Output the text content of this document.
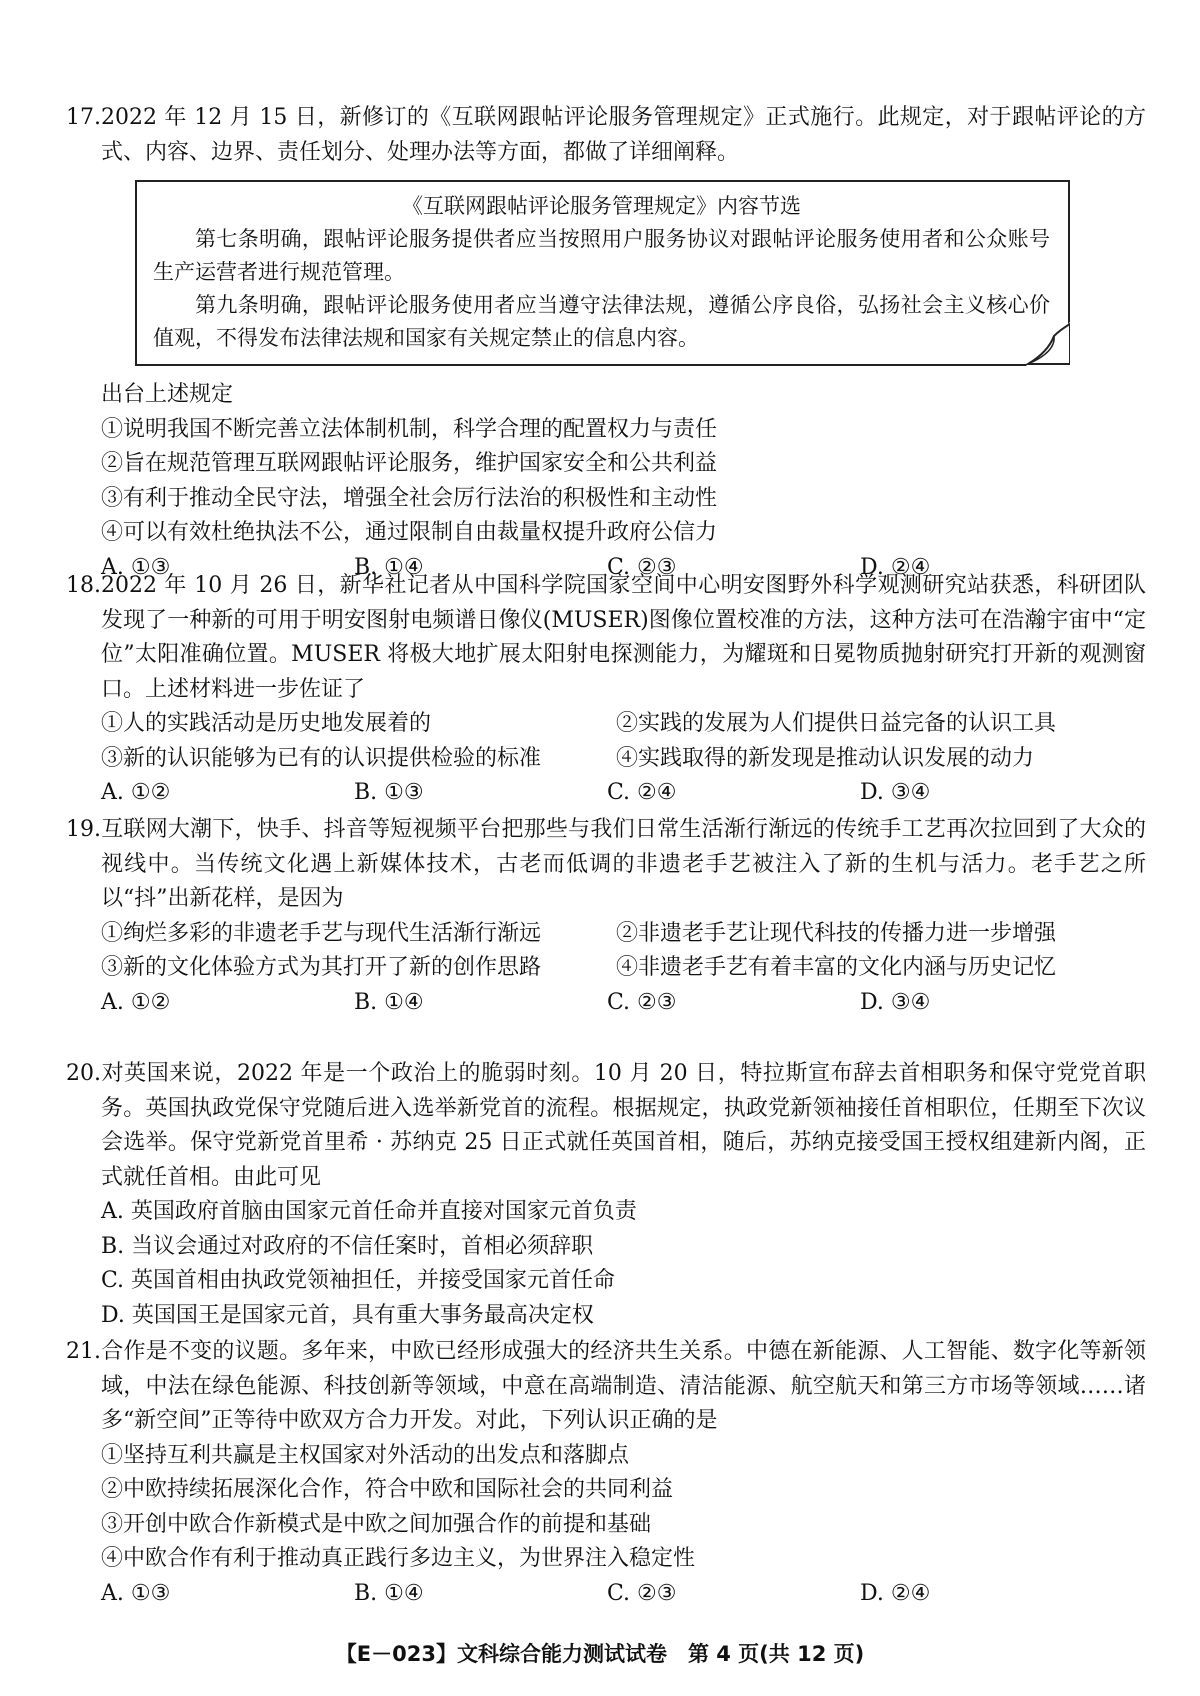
17.2022 年 12 月 15 日，新修订的《互联网跟帖评论服务管理规定》正式施行。此规定，对于跟帖评论的方式、内容、边界、责任划分、处理办法等方面，都做了详细阐释。
《互联网跟帖评论服务管理规定》内容节选

第七条明确，跟帖评论服务提供者应当按照用户服务协议对跟帖评论服务使用者和公众账号生产运营者进行规范管理。

第九条明确，跟帖评论服务使用者应当遵守法律法规，遵循公序良俗，弘扬社会主义核心价值观，不得发布法律法规和国家有关规定禁止的信息内容。

出台上述规定
①说明我国不断完善立法体制机制，科学合理的配置权力与责任
②旨在规范管理互联网跟帖评论服务，维护国家安全和公共利益
③有利于推动全民守法，增强全社会厉行法治的积极性和主动性
④可以有效杜绝执法不公，通过限制自由裁量权提升政府公信力
A. ①③	B. ①④	C. ②③	D. ②④
18.2022 年 10 月 26 日，新华社记者从中国科学院国家空间中心明安图野外科学观测研究站获悉，科研团队发现了一种新的可用于明安图射电频谱日像仪(MUSER)图像位置校准的方法，这种方法可在浩瀚宇宙中“定位”太阳准确位置。MUSER 将极大地扩展太阳射电探测能力，为耀斑和日冕物质抛射研究打开新的观测窗口。上述材料进一步佐证了
①人的实践活动是历史地发展着的	②实践的发展为人们提供日益完备的认识工具
③新的认识能够为已有的认识提供检验的标准	④实践取得的新发现是推动认识发展的动力
A. ①②	B. ①③	C. ②④	D. ③④
19.互联网大潮下，快手、抖音等短视频平台把那些与我们日常生活渐行渐远的传统手工艺再次拉回到了大众的视线中。当传统文化遇上新媒体技术，古老而低调的非遗老手艺被注入了新的生机与活力。老手艺之所以“抖”出新花样，是因为
①绚烂多彩的非遗老手艺与现代生活渐行渐远	②非遗老手艺让现代科技的传播力进一步增强
③新的文化体验方式为其打开了新的创作思路	④非遗老手艺有着丰富的文化内涵与历史记忆
A. ①②	B. ①④	C. ②③	D. ③④
20.对英国来说，2022 年是一个政治上的脆弱时刻。10 月 20 日，特拉斯宣布辞去首相职务和保守党党首职务。英国执政党保守党随后进入选举新党首的流程。根据规定，执政党新领袖接任首相职位，任期至下次议会选举。保守党新党首里希 · 苏纳克 25 日正式就任英国首相，随后，苏纳克接受国王授权组建新内阁，正式就任首相。由此可见
A. 英国政府首脑由国家元首任命并直接对国家元首负责
B. 当议会通过对政府的不信任案时，首相必须辞职
C. 英国首相由执政党领袖担任，并接受国家元首任命
D. 英国国王是国家元首，具有重大事务最高决定权
21.合作是不变的议题。多年来，中欧已经形成强大的经济共生关系。中德在新能源、人工智能、数字化等新领域，中法在绿色能源、科技创新等领域，中意在高端制造、清洁能源、航空航天和第三方市场等领域……诸多“新空间”正等待中欧双方合力开发。对此，下列认识正确的是
①坚持互利共赢是主权国家对外活动的出发点和落脚点
②中欧持续拓展深化合作，符合中欧和国际社会的共同利益
③开创中欧合作新模式是中欧之间加强合作的前提和基础
④中欧合作有利于推动真正践行多边主义，为世界注入稳定性
A. ①③	B. ①④	C. ②③	D. ②④
【E－023】文科综合能力测试试卷　第 4 页(共 12 页)
